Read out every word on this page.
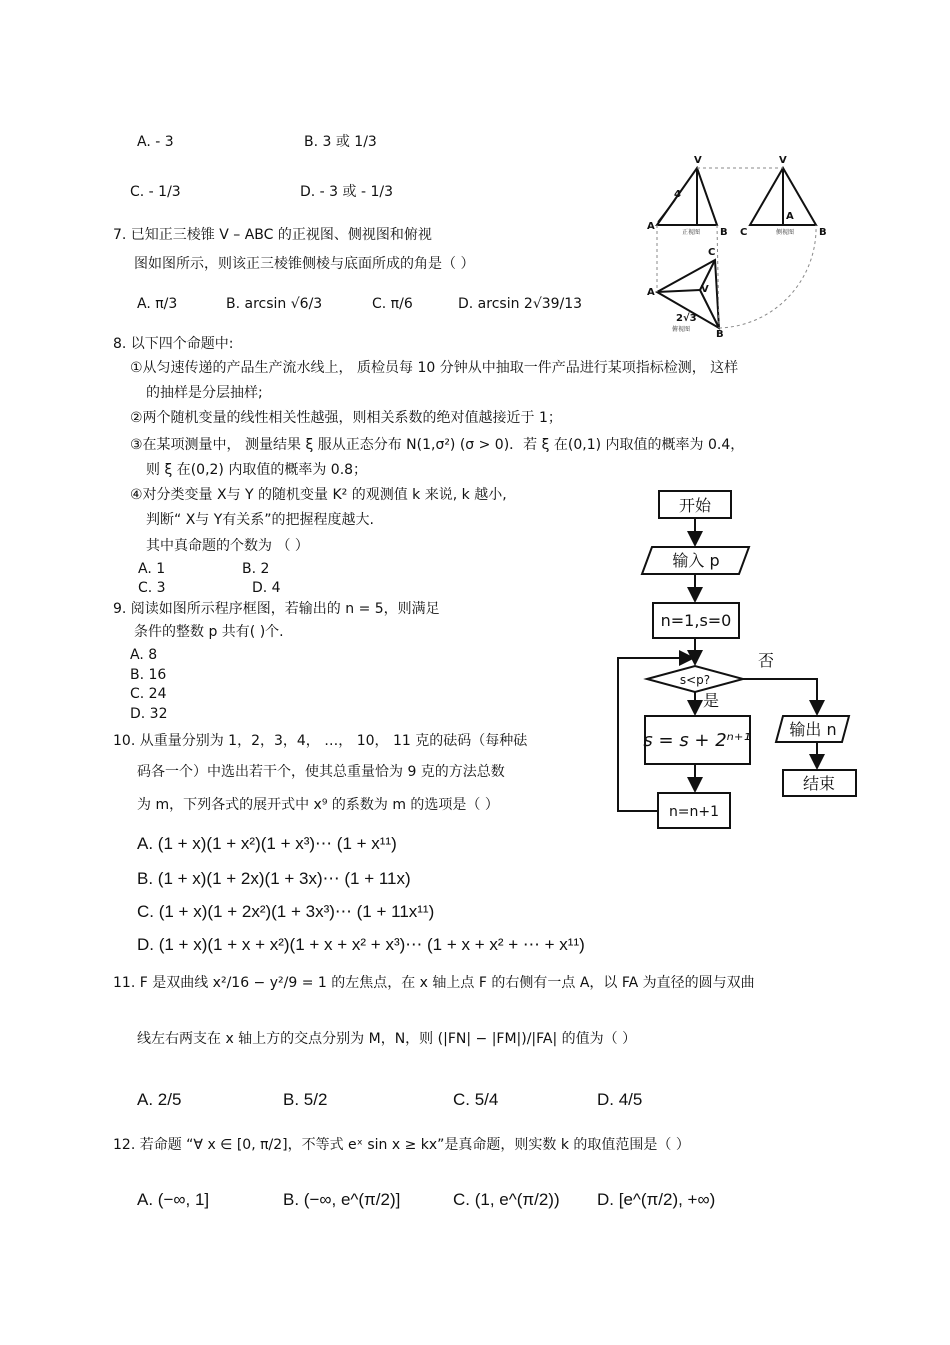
A. - 3	B. 3 或 1/3
C. - 1/3	D. - 3 或 - 1/3
7. 已知正三棱锥 V – ABC 的正视图、侧视图和俯视
图如图所示，则该正三棱锥侧棱与底面所成的角是（ ）
A. π/3	B. arcsin √6/3	C. π/6	D. arcsin 2√39/13
V	V
4
A
B C
A
B
C
A	V
B
2√3
正视图	侧视图
俯视图
8. 以下四个命题中:
①从匀速传递的产品生产流水线上， 质检员每 10 分钟从中抽取一件产品进行某项指标检测， 这样
的抽样是分层抽样;
②两个随机变量的线性相关性越强，则相关系数的绝对值越接近于 1；
③在某项测量中， 测量结果 ξ 服从正态分布 N(1,σ²) (σ > 0)．若 ξ 在(0,1) 内取值的概率为 0.4，
则 ξ 在(0,2) 内取值的概率为 0.8；
④对分类变量 X与 Y 的随机变量 K² 的观测值 k 来说, k 越小,
判断“ X与 Y有关系”的把握程度越大.
其中真命题的个数为 （ ）
A. 1	B. 2
C. 3	D. 4
9. 阅读如图所示程序框图，若输出的 n = 5，则满足
条件的整数 p 共有( )个.
A. 8
B. 16
C. 24
D. 32
开始
输入 p
n=1,s=0
s<p?
s = s + 2ⁿ⁺¹
n=n+1
输出 n
结束
否
是
10. 从重量分别为 1，2，3，4， …， 10， 11 克的砝码（每种砝
码各一个）中选出若干个，使其总重量恰为 9 克的方法总数
为 m，下列各式的展开式中 x⁹ 的系数为 m 的选项是（ ）
A. (1 + x)(1 + x²)(1 + x³)⋯ (1 + x¹¹)
B. (1 + x)(1 + 2x)(1 + 3x)⋯ (1 + 11x)
C. (1 + x)(1 + 2x²)(1 + 3x³)⋯ (1 + 11x¹¹)
D. (1 + x)(1 + x + x²)(1 + x + x² + x³)⋯ (1 + x + x² + ⋯ + x¹¹)
11. F 是双曲线 x²/16 − y²/9 = 1 的左焦点，在 x 轴上点 F 的右侧有一点 A，以 FA 为直径的圆与双曲
线左右两支在 x 轴上方的交点分别为 M，N，则 (|FN| − |FM|)/|FA| 的值为（ ）
A. 2/5	B. 5/2	C. 5/4	D. 4/5
12. 若命题 “∀ x ∈ [0, π/2]，不等式 eˣ sin x ≥ kx”是真命题，则实数 k 的取值范围是（ ）
A. (−∞, 1]	B. (−∞, e^(π/2)]	C. (1, e^(π/2)) D. [e^(π/2), +∞)
